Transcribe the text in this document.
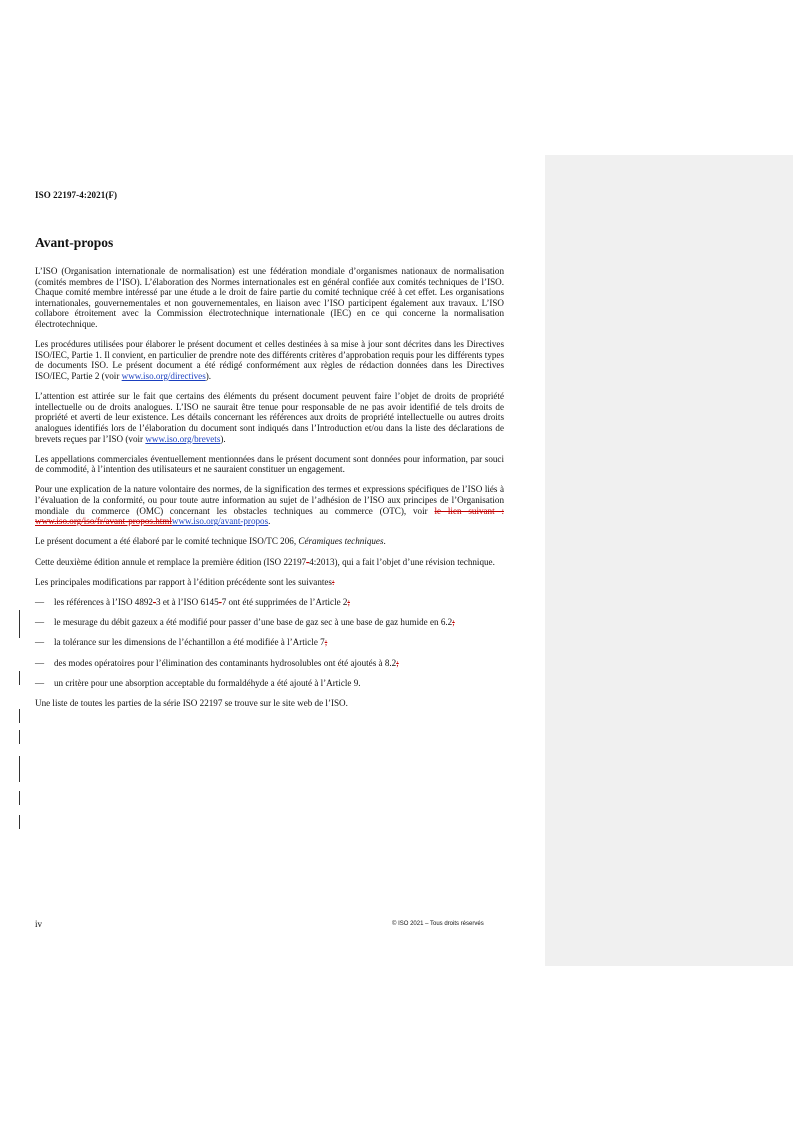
ISO 22197-4:2021(F)
Avant-propos

L’ISO (Organisation internationale de normalisation) est une fédération mondiale d’organismes nationaux de normalisation (comités membres de l’ISO). L’élaboration des Normes internationales est en général confiée aux comités techniques de l’ISO. Chaque comité membre intéressé par une étude a le droit de faire partie du comité technique créé à cet effet. Les organisations internationales, gouvernementales et non gouvernementales, en liaison avec l’ISO participent également aux travaux. L’ISO collabore étroitement avec la Commission électrotechnique internationale (IEC) en ce qui concerne la normalisation électrotechnique.

Les procédures utilisées pour élaborer le présent document et celles destinées à sa mise à jour sont décrites dans les Directives ISO/IEC, Partie 1. Il convient, en particulier de prendre note des différents critères d’approbation requis pour les différents types de documents ISO. Le présent document a été rédigé conformément aux règles de rédaction données dans les Directives ISO/IEC, Partie 2 (voir www.iso.org/directives).

L’attention est attirée sur le fait que certains des éléments du présent document peuvent faire l’objet de droits de propriété intellectuelle ou de droits analogues. L’ISO ne saurait être tenue pour responsable de ne pas avoir identifié de tels droits de propriété et averti de leur existence. Les détails concernant les références aux droits de propriété intellectuelle ou autres droits analogues identifiés lors de l’élaboration du document sont indiqués dans l’Introduction et/ou dans la liste des déclarations de brevets reçues par l’ISO (voir www.iso.org/brevets).

Les appellations commerciales éventuellement mentionnées dans le présent document sont données pour information, par souci de commodité, à l’intention des utilisateurs et ne sauraient constituer un engagement.

Pour une explication de la nature volontaire des normes, de la signification des termes et expressions spécifiques de l’ISO liés à l’évaluation de la conformité, ou pour toute autre information au sujet de l’adhésion de l’ISO aux principes de l’Organisation mondiale du commerce (OMC) concernant les obstacles techniques au commerce (OTC), voir le lien suivant : www.iso.org/iso/fr/avant-propos.htmlwww.iso.org/avant-propos.

Le présent document a été élaboré par le comité technique ISO/TC 206, Céramiques techniques.

Cette deuxième édition annule et remplace la première édition (ISO 22197-4:2013), qui a fait l’objet d’une révision technique.

Les principales modifications par rapport à l’édition précédente sont les suivantes:

— les références à l’ISO 4892-3 et à l’ISO 6145-7 ont été supprimées de l’Article 2;
— le mesurage du débit gazeux a été modifié pour passer d’une base de gaz sec à une base de gaz humide en 6.2;
— la tolérance sur les dimensions de l’échantillon a été modifiée à l’Article 7;
— des modes opératoires pour l’élimination des contaminants hydrosolubles ont été ajoutés à 8.2;
— un critère pour une absorption acceptable du formaldéhyde a été ajouté à l’Article 9.

Une liste de toutes les parties de la série ISO 22197 se trouve sur le site web de l’ISO.

iv	© ISO 2021 – Tous droits réservés
